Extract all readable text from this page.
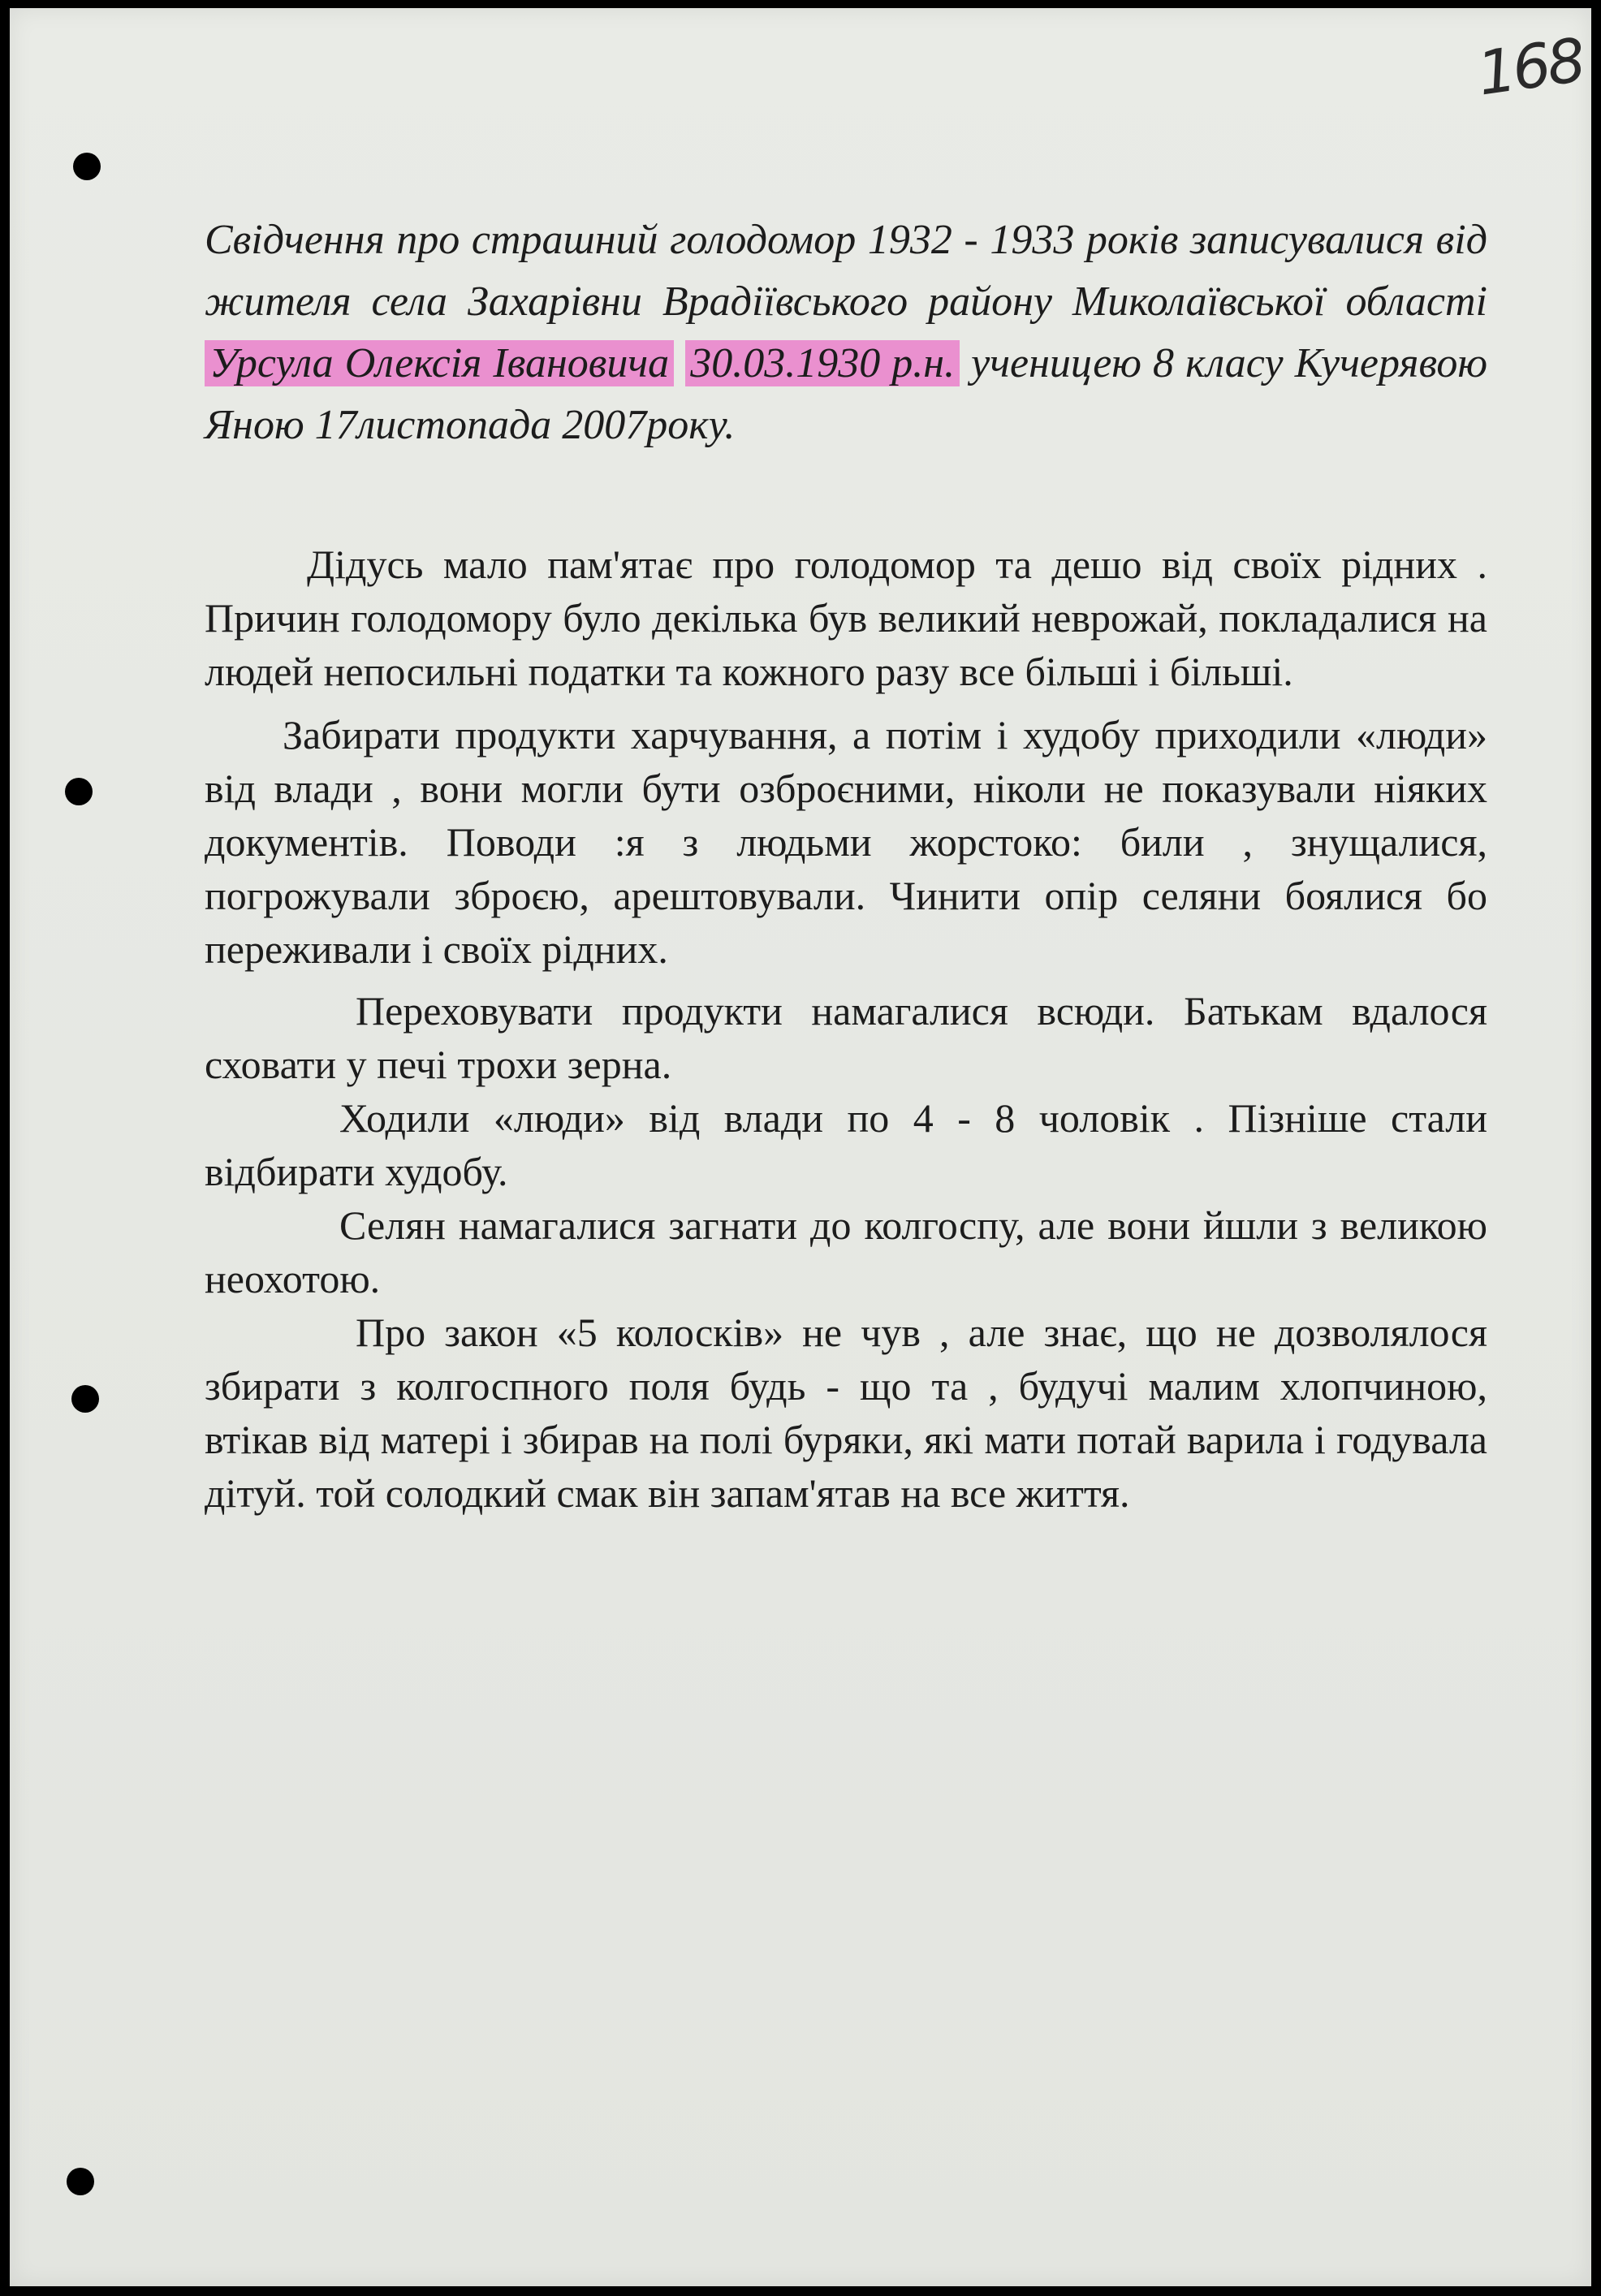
168
Свідчення про страшний голодомор 1932 - 1933 років записувалися від жителя села Захарівни Врадіївського району Миколаївської області Урсула Олексія Івановича 30.03.1930 р.н. ученицею 8 класу Кучерявою Яною 17листопада 2007року.

Дідусь мало пам'ятає про голодомор та дешо від своїх рідних . Причин голодомору було декілька був великий неврожай, покладалися на людей непосильні податки та кожного разу все більші і більші.

Забирати продукти харчування, а потім і худобу приходили «люди» від влади , вони могли бути озброєними, ніколи не показували ніяких документів. Поводи :я з людьми жорстоко: били , знущалися, погрожували зброєю, арештовували. Чинити опір селяни боялися бо переживали і своїх рідних.

Переховувати продукти намагалися всюди. Батькам вдалося сховати у печі трохи зерна.

Ходили «люди» від влади по 4 - 8 чоловік . Пізніше стали відбирати худобу.

Селян намагалися загнати до колгоспу, але вони йшли з великою неохотою.

Про закон «5 колосків» не чув , але знає, що не дозволялося збирати з колгоспного поля будь - що та , будучі малим хлопчиною, втікав від матері і збирав на полі буряки, які мати потай варила і годувала дітуй. той солодкий смак він запам'ятав на все життя.
